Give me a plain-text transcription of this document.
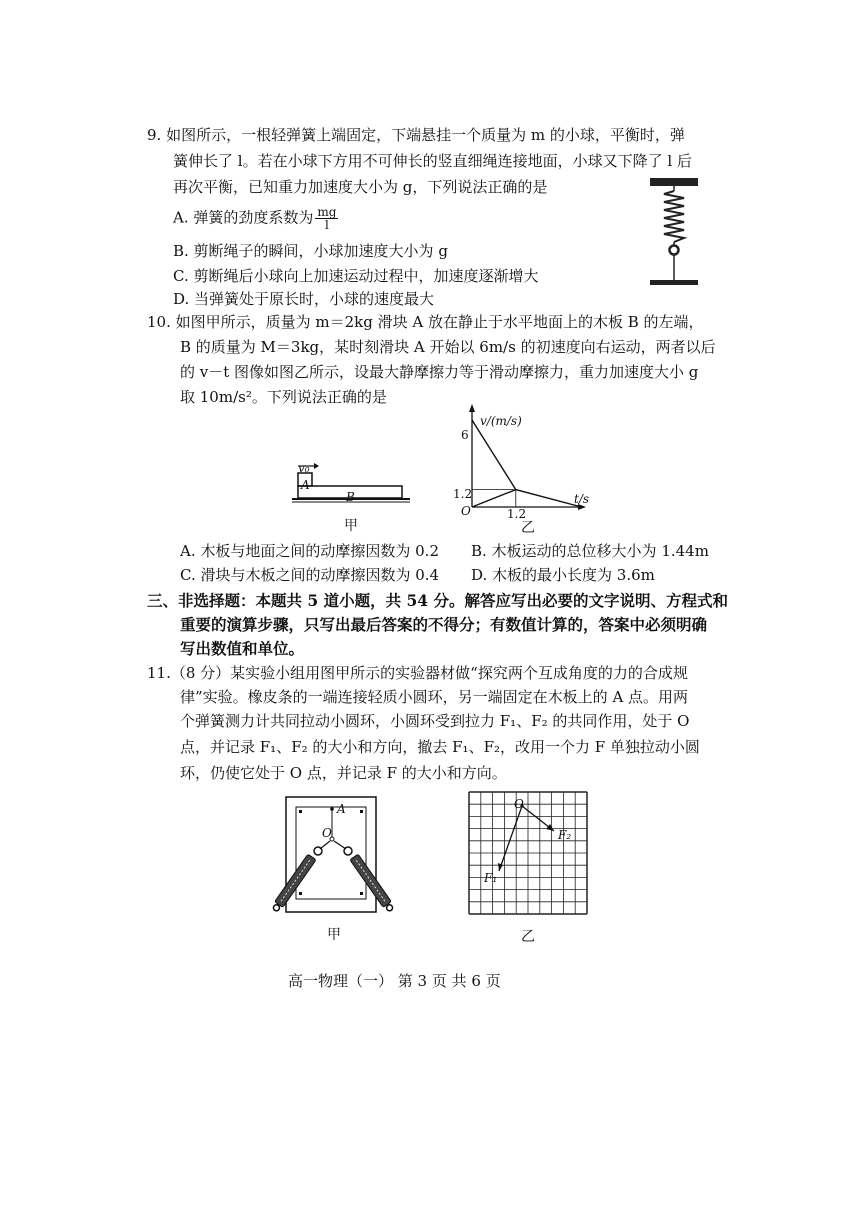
9. 如图所示，一根轻弹簧上端固定，下端悬挂一个质量为 m 的小球，平衡时，弹
簧伸长了 l。若在小球下方用不可伸长的竖直细绳连接地面，小球又下降了 l 后
再次平衡，已知重力加速度大小为 g，下列说法正确的是
A. 弹簧的劲度系数为 $\frac{mg}{l}$
B. 剪断绳子的瞬间，小球加速度大小为 g
C. 剪断绳后小球向上加速运动过程中，加速度逐渐增大
D. 当弹簧处于原长时，小球的速度最大
10. 如图甲所示，质量为 m＝2kg 滑块 A 放在静止于水平地面上的木板 B 的左端，
B 的质量为 M＝3kg，某时刻滑块 A 开始以 6m/s 的初速度向右运动，两者以后
的 v－t 图像如图乙所示，设最大静摩擦力等于滑动摩擦力，重力加速度大小 g
取 10m/s²。下列说法正确的是
v₀
A
B
甲
v/(m/s)
t/s
O
6
1.2
1.2
乙
A. 木板与地面之间的动摩擦因数为 0.2 B. 木板运动的总位移大小为 1.44m
C. 滑块与木板之间的动摩擦因数为 0.4 D. 木板的最小长度为 3.6m
三、非选择题：本题共 5 道小题，共 54 分。解答应写出必要的文字说明、方程式和
重要的演算步骤，只写出最后答案的不得分；有数值计算的，答案中必须明确
写出数值和单位。
11.（8 分）某实验小组用图甲所示的实验器材做“探究两个互成角度的力的合成规
律”实验。橡皮条的一端连接轻质小圆环，另一端固定在木板上的 A 点。用两
个弹簧测力计共同拉动小圆环，小圆环受到拉力 F₁、F₂ 的共同作用，处于 O
点，并记录 F₁、F₂ 的大小和方向，撤去 F₁、F₂，改用一个力 F 单独拉动小圆
环，仍使它处于 O 点，并记录 F 的大小和方向。
A
O
甲
O
F₁
F₂
乙
高一物理（一） 第 3 页 共 6 页
